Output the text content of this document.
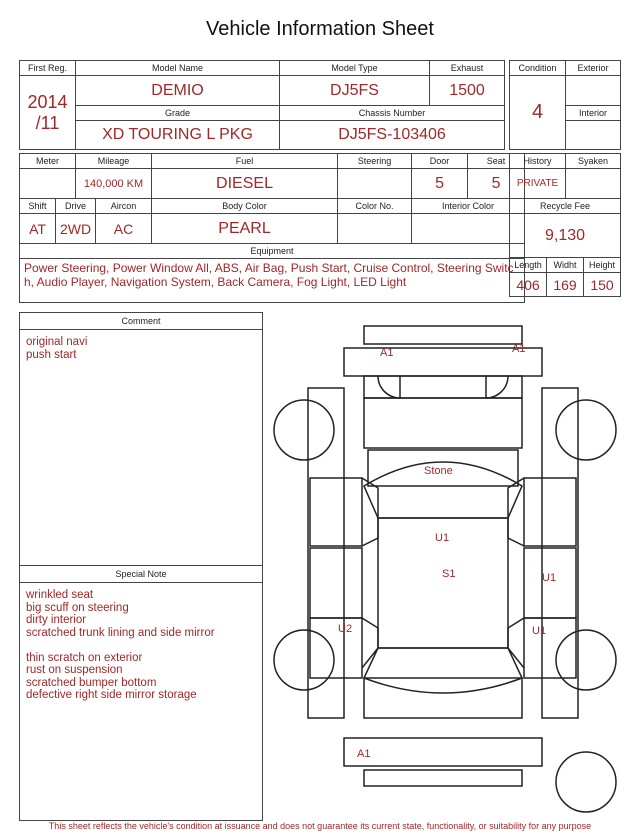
Vehicle Information Sheet
First Reg.	Model Name	Model Type	Exhaust

2014
/11	DEMIO	DJ5FS	1500
	Grade	Chassis Number	
	XD TOURING L PKG	DJ5FS-103406	
Condition	Exterior
4	
	Interior

Meter		Mileage		Fuel	Steering	Door	Seat
		140,000 KM		DIESEL		5	5
Shift	Drive		Aircon	Body Color	Color No.	Interior Color	
AT	2WD		AC	PEARL			
Equipment							
Power Steering, Power Window All, ABS, Air Bag, Push Start, Cruise Control, Steering Switch, Audio Player, Navigation System, Back Camera, Fog Light, LED Light							
History		Syaken	
PRIVATE			
Recycle Fee			
9,130			
Length	Widht		Height
406	169		150
Comment
original navi
push start
Special Note
wrinkled seat
big scuff on steering
dirty interior
scratched trunk lining and side mirror

thin scratch on exterior
rust on suspension
scratched bumper bottom
defective right side mirror storage
A1	A1
Stone
U1
S1	U1
U2	U1
A1
This sheet reflects the vehicle's condition at issuance and does not guarantee its current state, functionality, or suitability for any purpose
